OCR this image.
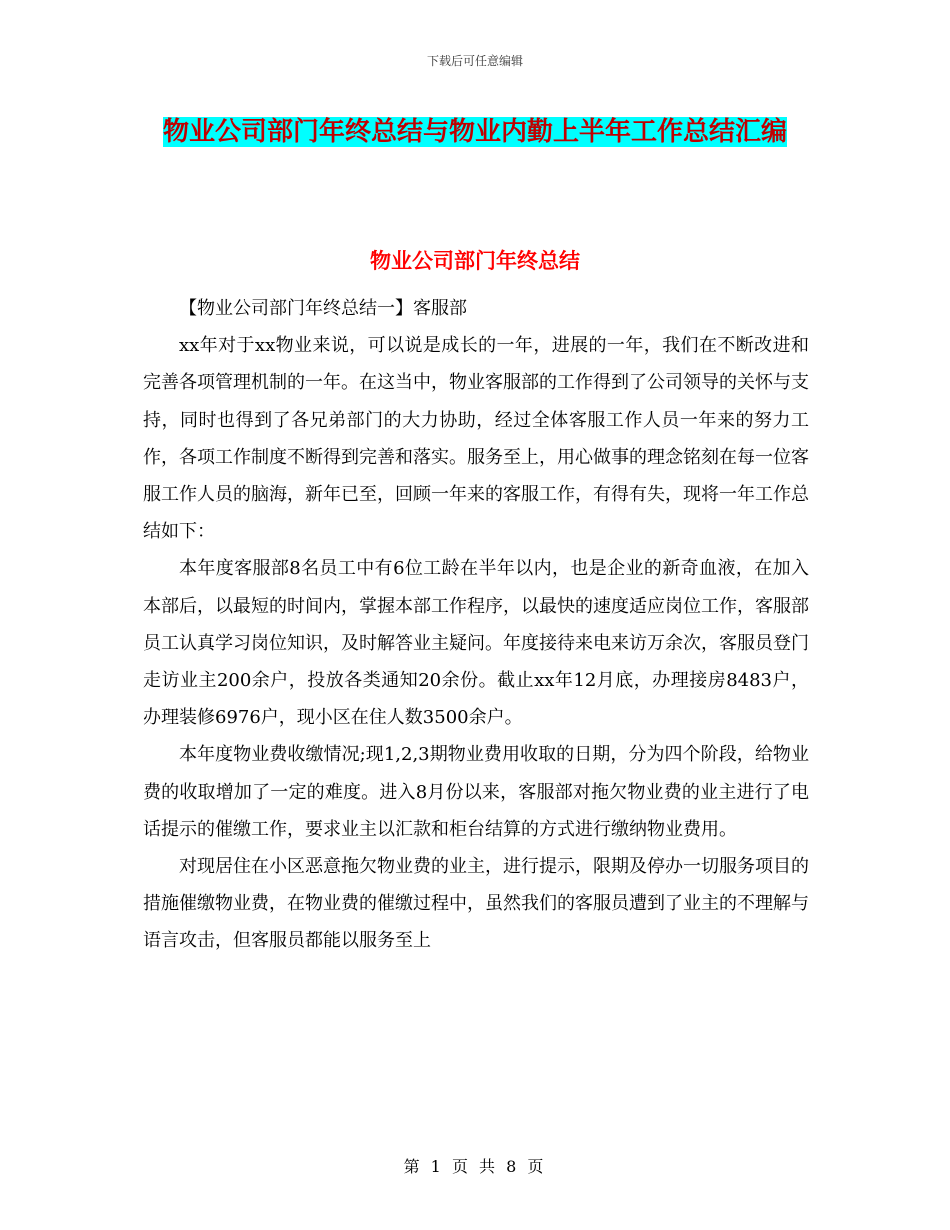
下载后可任意编辑
物业公司部门年终总结与物业内勤上半年工作总结汇编
物业公司部门年终总结

【物业公司部门年终总结一】客服部

xx年对于xx物业来说，可以说是成长的一年，进展的一年，我们在不断改进和完善各项管理机制的一年。在这当中，物业客服部的工作得到了公司领导的关怀与支持，同时也得到了各兄弟部门的大力协助，经过全体客服工作人员一年来的努力工作，各项工作制度不断得到完善和落实。服务至上，用心做事的理念铭刻在每一位客服工作人员的脑海，新年已至，回顾一年来的客服工作，有得有失，现将一年工作总结如下：

本年度客服部8名员工中有6位工龄在半年以内，也是企业的新奇血液，在加入本部后，以最短的时间内，掌握本部工作程序，以最快的速度适应岗位工作，客服部员工认真学习岗位知识，及时解答业主疑问。年度接待来电来访万余次，客服员登门走访业主200余户，投放各类通知20余份。截止xx年12月底，办理接房8483户，办理装修6976户，现小区在住人数3500余户。

本年度物业费收缴情况;现1,2,3期物业费用收取的日期，分为四个阶段，给物业费的收取增加了一定的难度。进入8月份以来，客服部对拖欠物业费的业主进行了电话提示的催缴工作，要求业主以汇款和柜台结算的方式进行缴纳物业费用。

对现居住在小区恶意拖欠物业费的业主，进行提示，限期及停办一切服务项目的措施催缴物业费，在物业费的催缴过程中，虽然我们的客服员遭到了业主的不理解与语言攻击，但客服员都能以服务至上

第 1 页 共 8 页
